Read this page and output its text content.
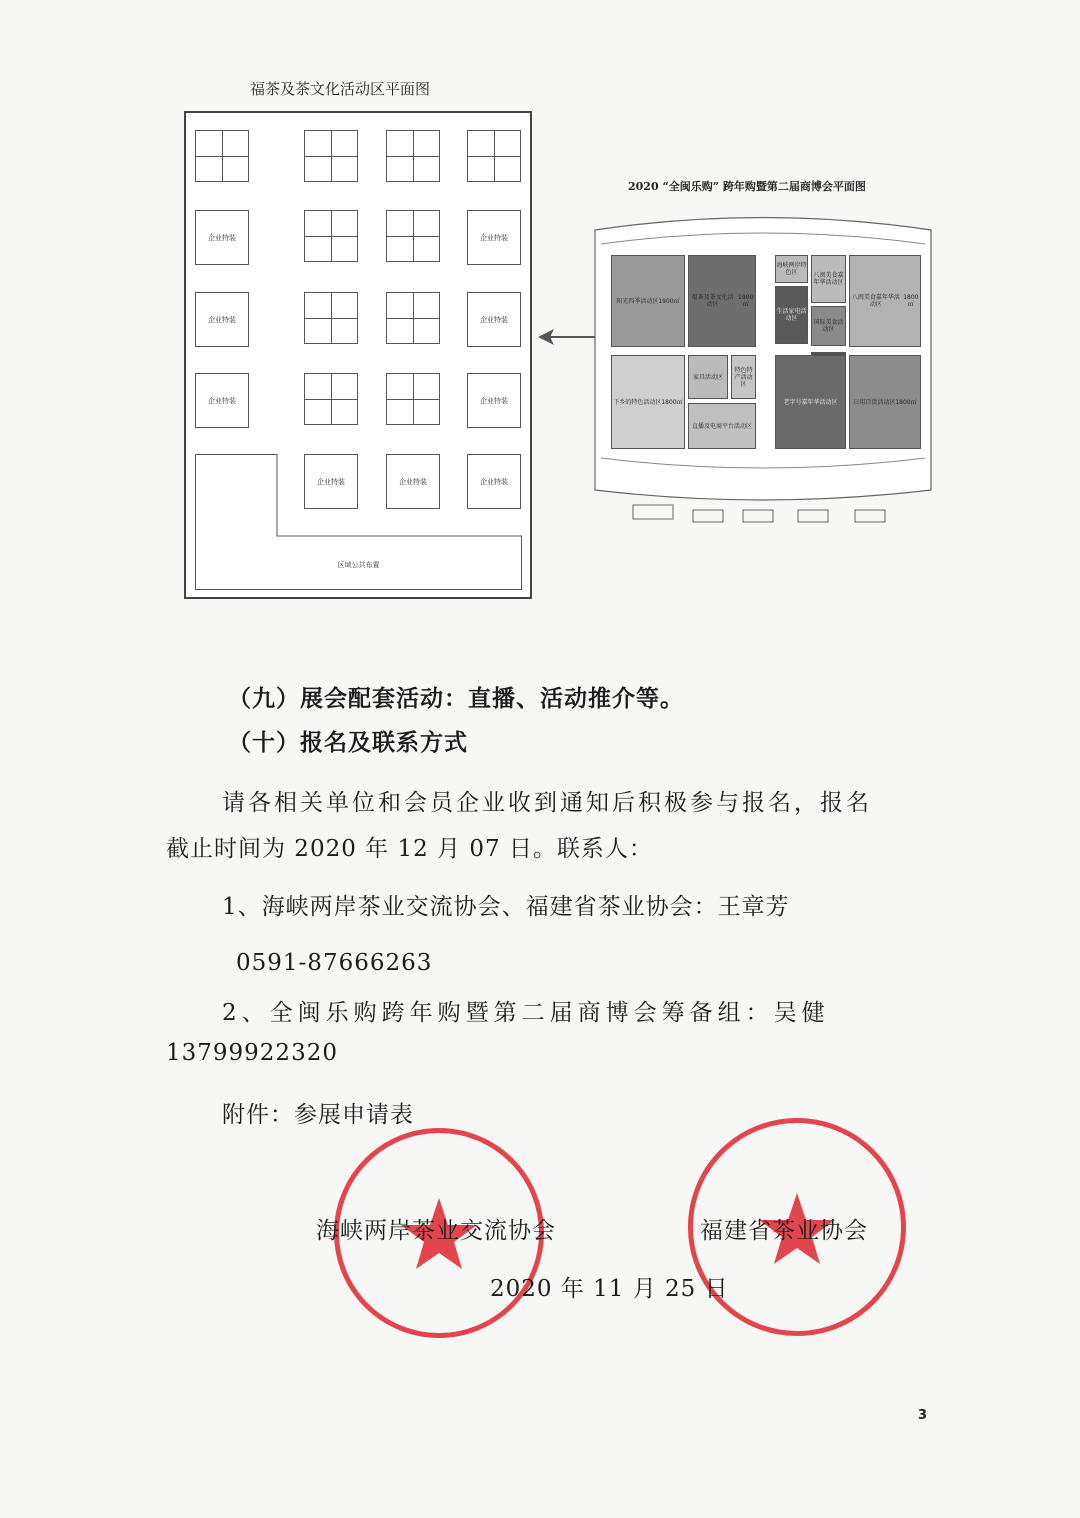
福茶及茶文化活动区平面图
企业特装	企业特装
企业特装	企业特装
企业特装	企业特装
企业特装	企业特装	企业特装
区域公共布置
2020 “全闽乐购” 跨年购暨第二届商博会平面图
阳光四季活动区 1900㎡	福茶及茶文化活动区

1900㎡
海峡两岸特色区	八闽美食嘉年华活动区
八闽美食嘉年华活动区

1800㎡
生活家电活动区
国际美食活动区
下乡的特色活动区 1800㎡
家具活动区
特色特产活动区
老字号嘉年华活动区	日用百货活动区 1800㎡
直播及电商平台活动区
（九）展会配套活动：直播、活动推介等。
（十）报名及联系方式
请各相关单位和会员企业收到通知后积极参与报名，报名
截止时间为 2020 年 12 月 07 日。联系人：
1、海峡两岸茶业交流协会、福建省茶业协会：王章芳
0591-87666263
2、全闽乐购跨年购暨第二届商博会筹备组：吴健
13799922320
附件：参展申请表
海峡两岸茶业交流协会	福建省茶业协会
2020 年 11 月 25 日
3
